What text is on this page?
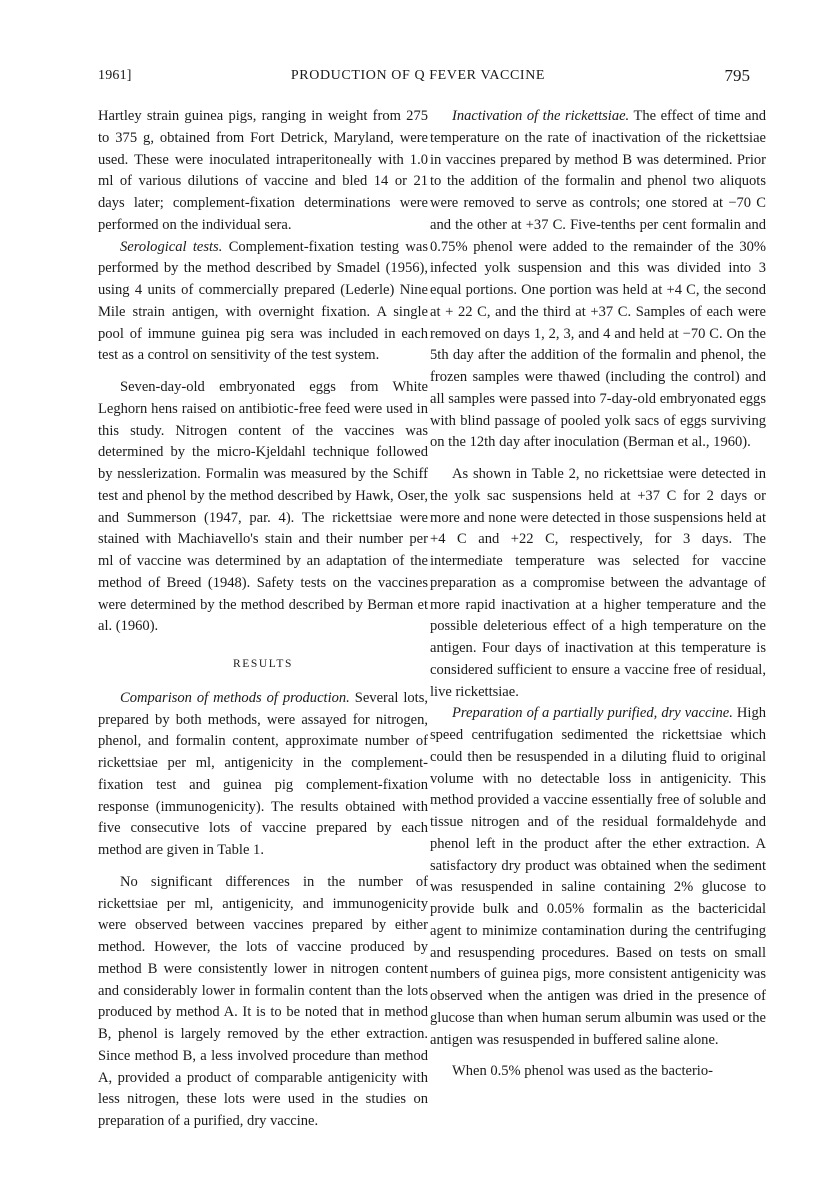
1961]	PRODUCTION OF Q FEVER VACCINE	795

Hartley strain guinea pigs, ranging in weight from 275 to 375 g, obtained from Fort Detrick, Maryland, were used. These were inoculated intraperitoneally with 1.0 ml of various dilutions of vaccine and bled 14 or 21 days later; complement-fixation determinations were performed on the individual sera.

Serological tests. Complement-fixation testing was performed by the method described by Smadel (1956), using 4 units of commercially prepared (Lederle) Nine Mile strain antigen, with overnight fixation. A single pool of immune guinea pig sera was included in each test as a control on sensitivity of the test system.

Seven-day-old embryonated eggs from White Leghorn hens raised on antibiotic-free feed were used in this study. Nitrogen content of the vaccines was determined by the micro-Kjeldahl technique followed by nesslerization. Formalin was measured by the Schiff test and phenol by the method described by Hawk, Oser, and Summerson (1947, par. 4). The rickettsiae were stained with Machiavello's stain and their number per ml of vaccine was determined by an adaptation of the method of Breed (1948). Safety tests on the vaccines were determined by the method described by Berman et al. (1960).

RESULTS

Comparison of methods of production. Several lots, prepared by both methods, were assayed for nitrogen, phenol, and formalin content, approximate number of rickettsiae per ml, antigenicity in the complement-fixation test and guinea pig complement-fixation response (immunogenicity). The results obtained with five consecutive lots of vaccine prepared by each method are given in Table 1.

No significant differences in the number of rickettsiae per ml, antigenicity, and immunogenicity were observed between vaccines prepared by either method. However, the lots of vaccine produced by method B were consistently lower in nitrogen content and considerably lower in formalin content than the lots produced by method A. It is to be noted that in method B, phenol is largely removed by the ether extraction. Since method B, a less involved procedure than method A, provided a product of comparable antigenicity with less nitrogen, these lots were used in the studies on preparation of a purified, dry vaccine.

Inactivation of the rickettsiae. The effect of time and temperature on the rate of inactivation of the rickettsiae in vaccines prepared by method B was determined. Prior to the addition of the formalin and phenol two aliquots were removed to serve as controls; one stored at −70 C and the other at +37 C. Five-tenths per cent formalin and 0.75% phenol were added to the remainder of the 30% infected yolk suspension and this was divided into 3 equal portions. One portion was held at +4 C, the second at + 22 C, and the third at +37 C. Samples of each were removed on days 1, 2, 3, and 4 and held at −70 C. On the 5th day after the addition of the formalin and phenol, the frozen samples were thawed (including the control) and all samples were passed into 7-day-old embryonated eggs with blind passage of pooled yolk sacs of eggs surviving on the 12th day after inoculation (Berman et al., 1960).

As shown in Table 2, no rickettsiae were detected in the yolk sac suspensions held at +37 C for 2 days or more and none were detected in those suspensions held at +4 C and +22 C, respectively, for 3 days. The intermediate temperature was selected for vaccine preparation as a compromise between the advantage of more rapid inactivation at a higher temperature and the possible deleterious effect of a high temperature on the antigen. Four days of inactivation at this temperature is considered sufficient to ensure a vaccine free of residual, live rickettsiae.

Preparation of a partially purified, dry vaccine. High speed centrifugation sedimented the rickettsiae which could then be resuspended in a diluting fluid to original volume with no detectable loss in antigenicity. This method provided a vaccine essentially free of soluble and tissue nitrogen and of the residual formaldehyde and phenol left in the product after the ether extraction. A satisfactory dry product was obtained when the sediment was resuspended in saline containing 2% glucose to provide bulk and 0.05% formalin as the bactericidal agent to minimize contamination during the centrifuging and resuspending procedures. Based on tests on small numbers of guinea pigs, more consistent antigenicity was observed when the antigen was dried in the presence of glucose than when human serum albumin was used or the antigen was resuspended in buffered saline alone.

When 0.5% phenol was used as the bacterio-
